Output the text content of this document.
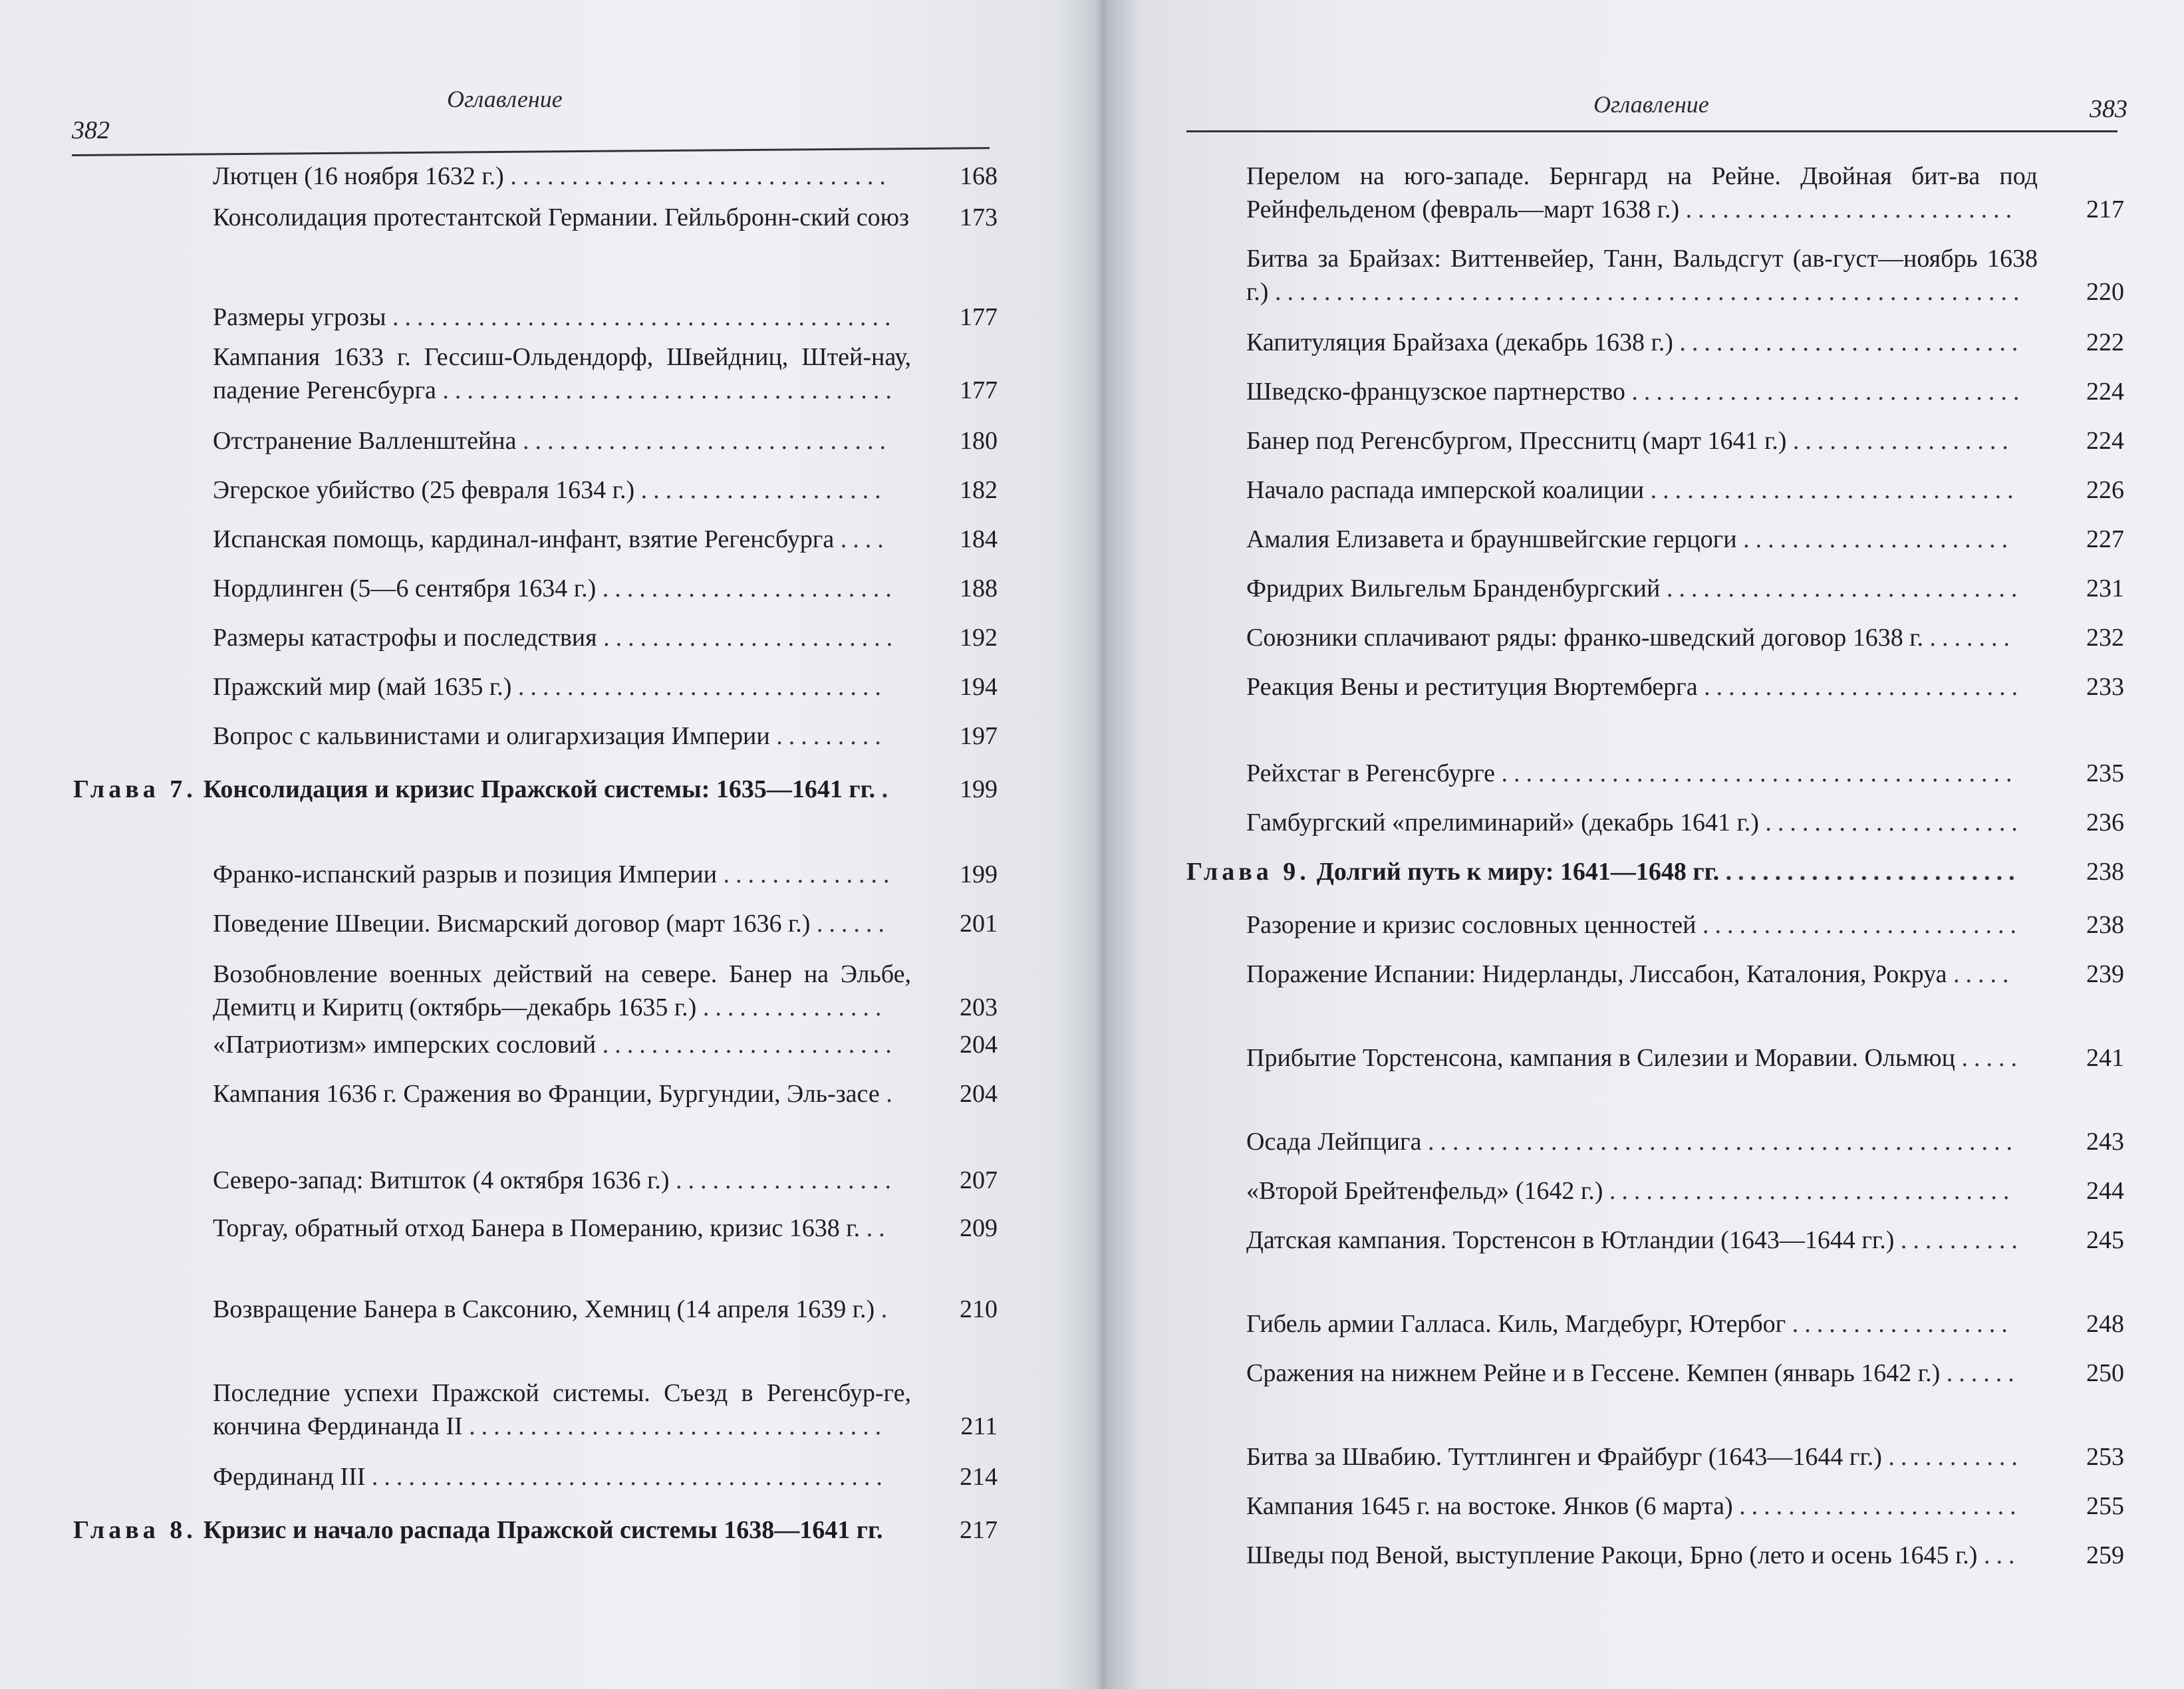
382
Оглавление
Лютцен (16 ноября 1632 г.) ...............................	168
Консолидация протестантской Германии. Гейльбронн-ский союз	173
Размеры угрозы .........................................	177
Кампания 1633 г. Гессиш-Ольдендорф, Швейдниц, Штей-нау, падение Регенсбурга .....................................	177
Отстранение Валленштейна ..............................	180
Эгерское убийство (25 февраля 1634 г.) ....................	182
Испанская помощь, кардинал-инфант, взятие Регенсбурга ....	184
Нордлинген (5—6 сентября 1634 г.) ........................	188
Размеры катастрофы и последствия ........................	192
Пражский мир (май 1635 г.) ..............................	194
Вопрос с кальвинистами и олигархизация Империи .........	197
Глава 7. Консолидация и кризис Пражской системы: 1635—1641 гг. .	199
Франко-испанский разрыв и позиция Империи ..............	199
Поведение Швеции. Висмарский договор (март 1636 г.) ......	201
Возобновление военных действий на севере. Банер на Эльбе, Демитц и Киритц (октябрь—декабрь 1635 г.) ...............	203
«Патриотизм» имперских сословий ........................	204
Кампания 1636 г. Сражения во Франции, Бургундии, Эль-засе .	204
Северо-запад: Витшток (4 октября 1636 г.) ..................	207
Торгау, обратный отход Банера в Померанию, кризис 1638 г. ..	209
Возвращение Банера в Саксонию, Хемниц (14 апреля 1639 г.) .	210
Последние успехи Пражской системы. Съезд в Регенсбур-ге, кончина Фердинанда II ..................................	211
Фердинанд III ..........................................	214
Глава 8. Кризис и начало распада Пражской системы 1638—1641 гг.	217
Оглавление	383
Перелом на юго-западе. Бернгард на Рейне. Двойная бит-ва под Рейнфельденом (февраль—март 1638 г.) ...........................	217
Битва за Брайзах: Виттенвейер, Танн, Вальдсгут (ав-густ—ноябрь 1638 г.) .............................................................	220
Капитуляция Брайзаха (декабрь 1638 г.) ............................	222
Шведско-французское партнерство ................................	224
Банер под Регенсбургом, Пресснитц (март 1641 г.) ..................	224
Начало распада имперской коалиции ..............................	226
Амалия Елизавета и брауншвейгские герцоги ......................	227
Фридрих Вильгельм Бранденбургский .............................	231
Союзники сплачивают ряды: франко-шведский договор 1638 г. .......	232
Реакция Вены и реституция Вюртемберга ..........................	233
Рейхстаг в Регенсбурге ..........................................	235
Гамбургский «прелиминарий» (декабрь 1641 г.) .....................	236
Глава 9. Долгий путь к миру: 1641—1648 гг. ........................	238
Разорение и кризис сословных ценностей ..........................	238
Поражение Испании: Нидерланды, Лиссабон, Каталония, Рокруа .....	239
Прибытие Торстенсона, кампания в Силезии и Моравии. Ольмюц .....	241
Осада Лейпцига ................................................	243
«Второй Брейтенфельд» (1642 г.) .................................	244
Датская кампания. Торстенсон в Ютландии (1643—1644 гг.) ..........	245
Гибель армии Галласа. Киль, Магдебург, Ютербог ..................	248
Сражения на нижнем Рейне и в Гессене. Кемпен (январь 1642 г.) ......	250
Битва за Швабию. Туттлинген и Фрайбург (1643—1644 гг.) ...........	253
Кампания 1645 г. на востоке. Янков (6 марта) .......................	255
Шведы под Веной, выступление Ракоци, Брно (лето и осень 1645 г.) ...	259
